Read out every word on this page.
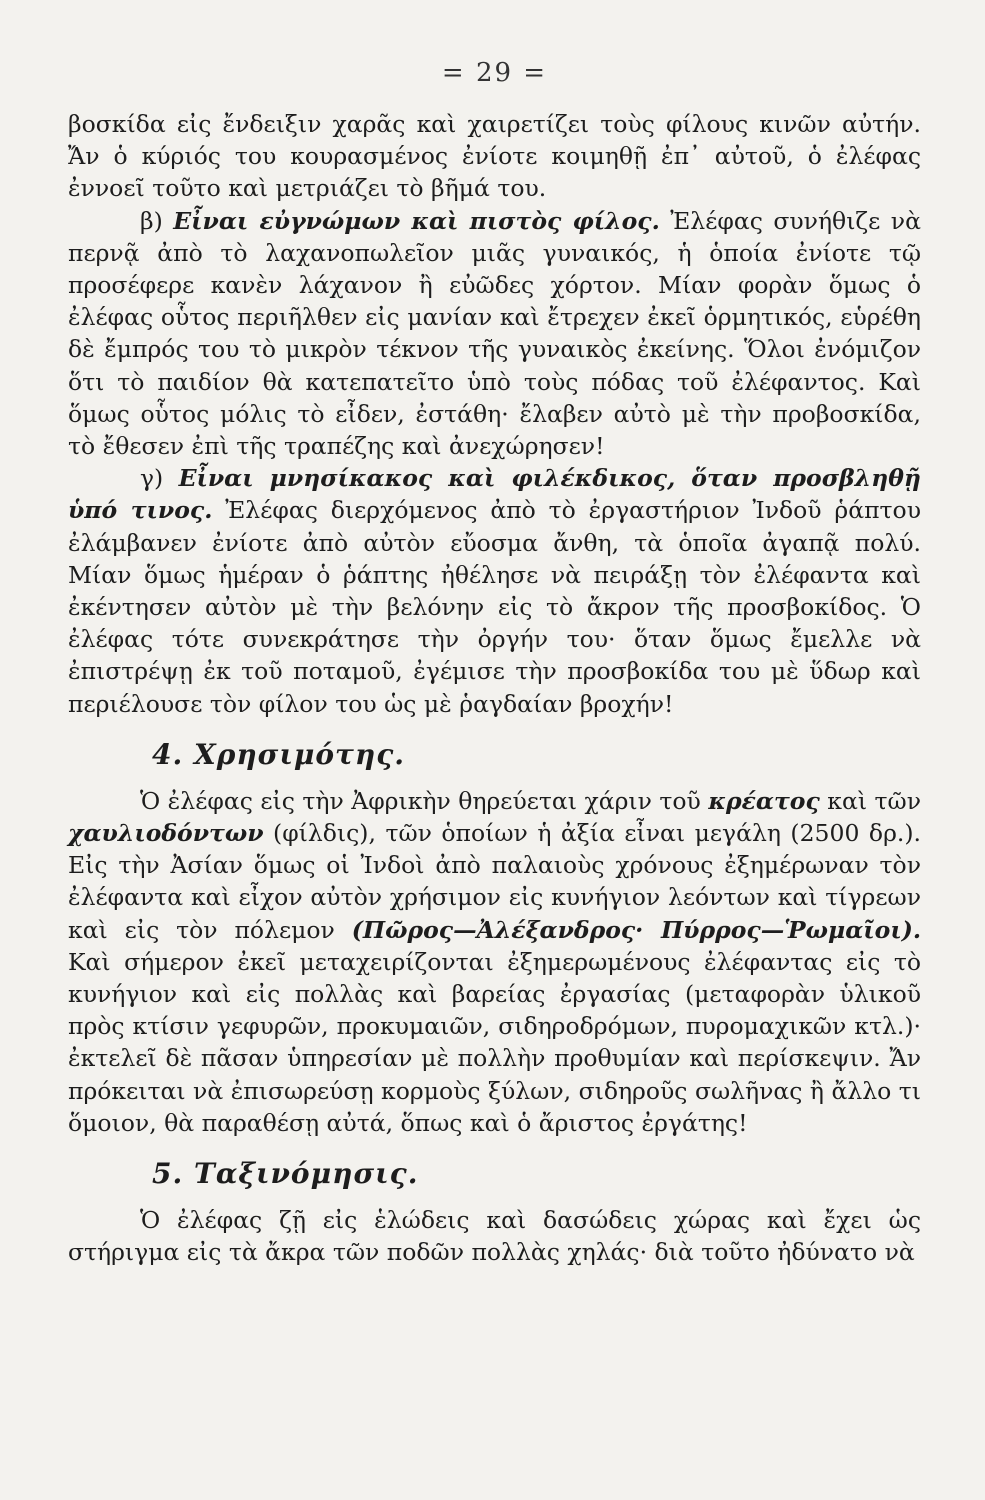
= 29 =

βοσκίδα εἰς ἔνδειξιν χαρᾶς καὶ χαιρετίζει τοὺς φίλους κινῶν αὐτήν. Ἄν ὁ κύριός του κουρασμένος ἐνίοτε κοιμηθῇ ἐπ᾿ αὐτοῦ, ὁ ἐλέφας ἐννοεῖ τοῦτο καὶ μετριάζει τὸ βῆμά του.

β) Εἶναι εὐγνώμων καὶ πιστὸς φίλος. Ἐλέφας συνήθιζε νὰ περνᾷ ἀπὸ τὸ λαχανοπωλεῖον μιᾶς γυναικός, ἡ ὁποία ἐνίοτε τῷ προσέφερε κανὲν λάχανον ἢ εὐῶδες χόρτον. Μίαν φορὰν ὅμως ὁ ἐλέφας οὗτος περιῆλθεν εἰς μανίαν καὶ ἔτρεχεν ἐκεῖ ὁρμητικός, εὑρέθη δὲ ἔμπρός του τὸ μικρὸν τέκνον τῆς γυναικὸς ἐκείνης. Ὅλοι ἐνόμιζον ὅτι τὸ παιδίον θὰ κατεπατεῖτο ὑπὸ τοὺς πόδας τοῦ ἐλέφαντος. Καὶ ὅμως οὗτος μόλις τὸ εἶδεν, ἐστάθη· ἔλαβεν αὐτὸ μὲ τὴν προβοσκίδα, τὸ ἔθεσεν ἐπὶ τῆς τραπέζης καὶ ἀνεχώρησεν!

γ) Εἶναι μνησίκακος καὶ φιλέκδικος, ὅταν προσβληθῇ ὑπό τινος. Ἐλέφας διερχόμενος ἀπὸ τὸ ἐργαστήριον Ἰνδοῦ ῥάπτου ἐλάμβανεν ἐνίοτε ἀπὸ αὐτὸν εὔοσμα ἄνθη, τὰ ὁποῖα ἀγαπᾷ πολύ. Μίαν ὅμως ἡμέραν ὁ ῥάπτης ἠθέλησε νὰ πειράξῃ τὸν ἐλέφαντα καὶ ἐκέντησεν αὐτὸν μὲ τὴν βελόνην εἰς τὸ ἄκρον τῆς προσβοκίδος. Ὁ ἐλέφας τότε συνεκράτησε τὴν ὀργήν του· ὅταν ὅμως ἔμελλε νὰ ἐπιστρέψῃ ἐκ τοῦ ποταμοῦ, ἐγέμισε τὴν προσβοκίδα του μὲ ὕδωρ καὶ περιέλουσε τὸν φίλον του ὡς μὲ ῥαγδαίαν βροχήν!

4. Χρησιμότης.

Ὁ ἐλέφας εἰς τὴν Ἀφρικὴν θηρεύεται χάριν τοῦ κρέατος καὶ τῶν χαυλιοδόντων (φίλδις), τῶν ὁποίων ἡ ἀξία εἶναι μεγάλη (2500 δρ.). Εἰς τὴν Ἀσίαν ὅμως οἱ Ἰνδοὶ ἀπὸ παλαιοὺς χρόνους ἐξημέρωναν τὸν ἐλέφαντα καὶ εἶχον αὐτὸν χρήσιμον εἰς κυνήγιον λεόντων καὶ τίγρεων καὶ εἰς τὸν πόλεμον (Πῶρος—Ἀλέξανδρος· Πύρρος—Ῥωμαῖοι). Καὶ σήμερον ἐκεῖ μεταχειρίζονται ἐξημερωμένους ἐλέφαντας εἰς τὸ κυνήγιον καὶ εἰς πολλὰς καὶ βαρείας ἐργασίας (μεταφορὰν ὑλικοῦ πρὸς κτίσιν γεφυρῶν, προκυμαιῶν, σιδηροδρόμων, πυρομαχικῶν κτλ.)· ἐκτελεῖ δὲ πᾶσαν ὑπηρεσίαν μὲ πολλὴν προθυμίαν καὶ περίσκεψιν. Ἄν πρόκειται νὰ ἐπισωρεύσῃ κορμοὺς ξύλων, σιδηροῦς σωλῆνας ἢ ἄλλο τι ὅμοιον, θὰ παραθέσῃ αὐτά, ὅπως καὶ ὁ ἄριστος ἐργάτης!

5. Ταξινόμησις.

Ὁ ἐλέφας ζῇ εἰς ἑλώδεις καὶ δασώδεις χώρας καὶ ἔχει ὡς στήριγμα εἰς τὰ ἄκρα τῶν ποδῶν πολλὰς χηλάς· διὰ τοῦτο ἠδύνατο νὰ
